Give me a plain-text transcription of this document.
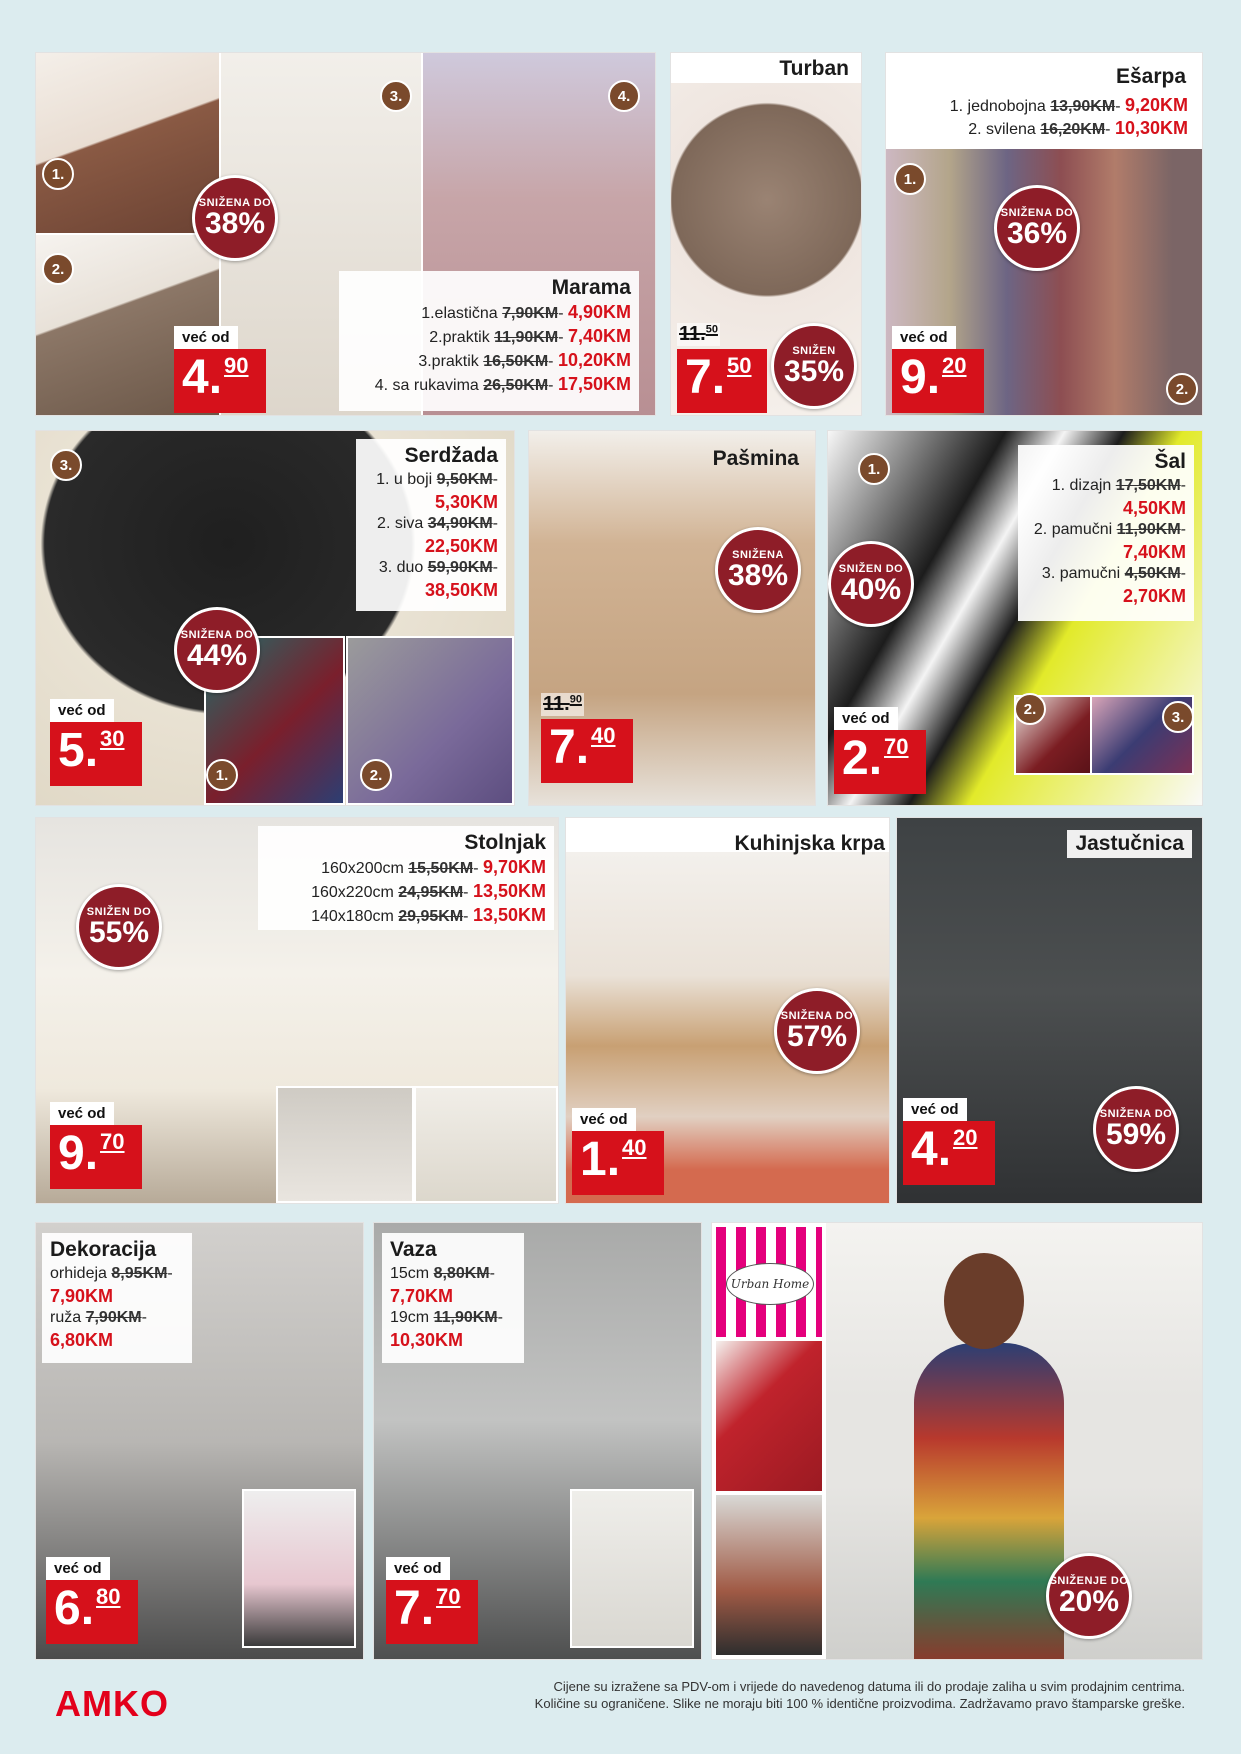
1.
2.
3.	4.
SNIŽENA DO
38%
Marama
1.elastična 7,90KM- 4,90KM
2.praktik 11,90KM- 7,40KM
3.praktik 16,50KM- 10,20KM
4. sa rukavima 26,50KM- 17,50KM
već od
4. 90
Turban
11.50
7. 50
SNIŽEN
35%
Ešarpa
1. jednobojna 13,90KM- 9,20KM
2. svilena 16,20KM- 10,30KM
1.
2.
SNIŽENA DO
36%
već od
9. 20
Serdžada
1. u boji 9,50KM-
5,30KM
2. siva 34,90KM-
22,50KM
3. duo 59,90KM-
38,50KM
3.
1.	2.
SNIŽENA DO
44%
već od
5. 30
Pašmina
SNIŽENA
38%
11.90
7. 40
Šal
1. dizajn 17,50KM-
4,50KM
2. pamučni 11,90KM-
7,40KM
3. pamučni 4,50KM-
2,70KM
1.
2.	3.
SNIŽEN DO
40%
već od
2. 70
Stolnjak
160x200cm 15,50KM- 9,70KM
160x220cm 24,95KM- 13,50KM
140x180cm 29,95KM- 13,50KM
SNIŽEN DO
55%
već od
9. 70
Kuhinjska krpa
SNIŽENA DO
57%
već od
1. 40
Jastučnica
SNIŽENA DO
59%
već od
4. 20
Dekoracija
orhideja 8,95KM-
7,90KM
ruža 7,90KM-
6,80KM
već od
6. 80
Vaza
15cm 8,80KM-
7,70KM
19cm 11,90KM-
10,30KM
već od
7. 70
Urban Home
SNIŽENJE DO
20%
AMKO	Cijene su izražene sa PDV-om i vrijede do navedenog datuma ili do prodaje zaliha u svim prodajnim centrima.
Količine su ograničene. Slike ne moraju biti 100 % identične proizvodima. Zadržavamo pravo štamparske greške.
